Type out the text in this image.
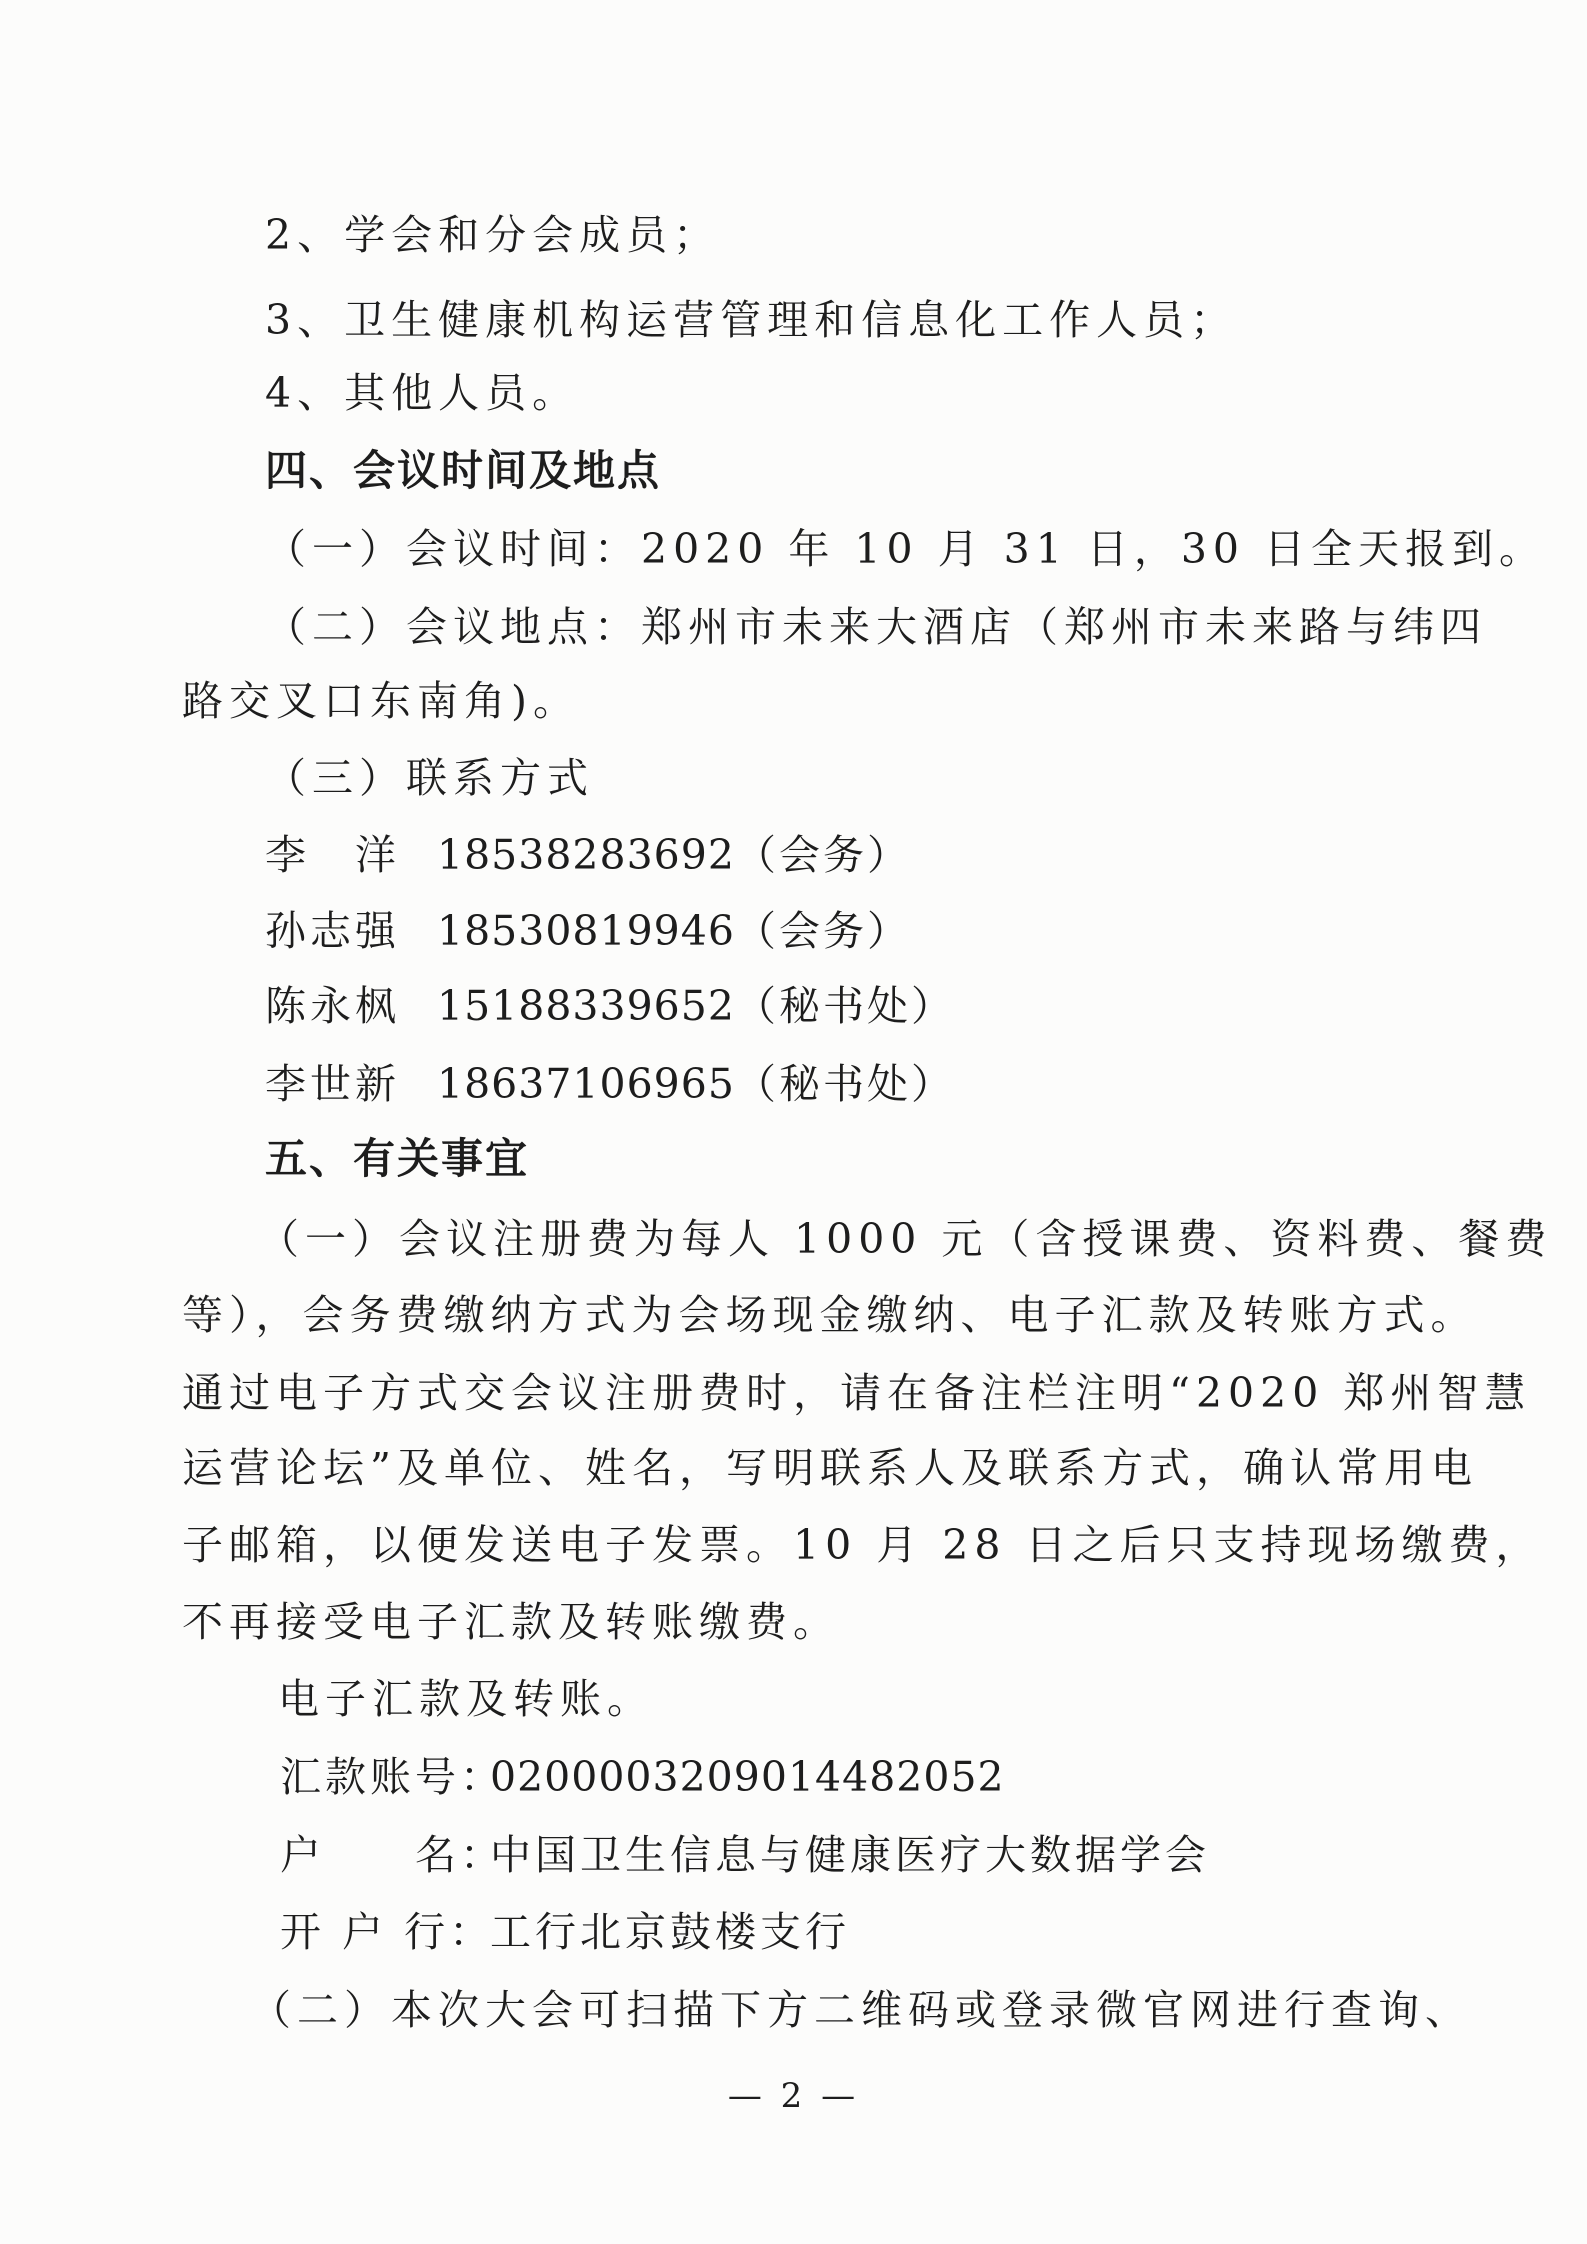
2、学会和分会成员；
3、卫生健康机构运营管理和信息化工作人员；
4、其他人员。
四、会议时间及地点
（一）会议时间：2020 年 10 月 31 日，30 日全天报到。
（二）会议地点：郑州市未来大酒店（郑州市未来路与纬四
路交叉口东南角)。
（三）联系方式
李　洋 18538283692（会务）
孙志强 18530819946（会务）
陈永枫 15188339652（秘书处）
李世新 18637106965（秘书处）
五、有关事宜
（一）会议注册费为每人 1000 元（含授课费、资料费、餐费
等），会务费缴纳方式为会场现金缴纳、电子汇款及转账方式。
通过电子方式交会议注册费时，请在备注栏注明“2020 郑州智慧
运营论坛”及单位、姓名，写明联系人及联系方式，确认常用电
子邮箱，以便发送电子发票。10 月 28 日之后只支持现场缴费，
不再接受电子汇款及转账缴费。
电子汇款及转账。
汇款账号：0200003209014482052
户　　名：中国卫生信息与健康医疗大数据学会
开 户 行：工行北京鼓楼支行
（二）本次大会可扫描下方二维码或登录微官网进行查询、
— 2 —
